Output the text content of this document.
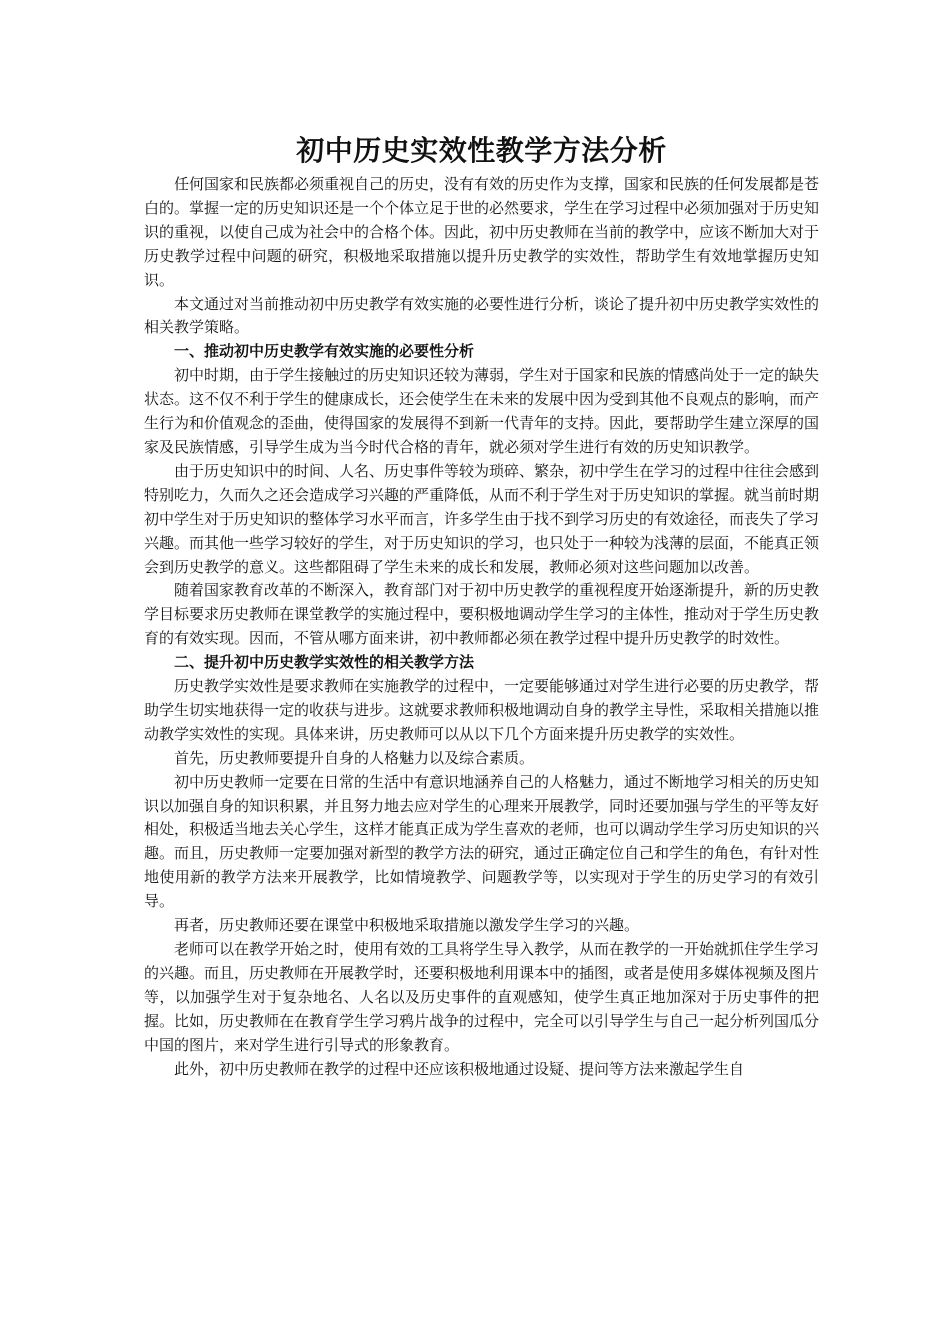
初中历史实效性教学方法分析

任何国家和民族都必须重视自己的历史，没有有效的历史作为支撑，国家和民族的任何发展都是苍白的。掌握一定的历史知识还是一个个体立足于世的必然要求，学生在学习过程中必须加强对于历史知识的重视，以使自己成为社会中的合格个体。因此，初中历史教师在当前的教学中，应该不断加大对于历史教学过程中问题的研究，积极地采取措施以提升历史教学的实效性，帮助学生有效地掌握历史知识。

本文通过对当前推动初中历史教学有效实施的必要性进行分析，谈论了提升初中历史教学实效性的相关教学策略。

一、推动初中历史教学有效实施的必要性分析

初中时期，由于学生接触过的历史知识还较为薄弱，学生对于国家和民族的情感尚处于一定的缺失状态。这不仅不利于学生的健康成长，还会使学生在未来的发展中因为受到其他不良观点的影响，而产生行为和价值观念的歪曲，使得国家的发展得不到新一代青年的支持。因此，要帮助学生建立深厚的国家及民族情感，引导学生成为当今时代合格的青年，就必须对学生进行有效的历史知识教学。

由于历史知识中的时间、人名、历史事件等较为琐碎、繁杂，初中学生在学习的过程中往往会感到特别吃力，久而久之还会造成学习兴趣的严重降低，从而不利于学生对于历史知识的掌握。就当前时期初中学生对于历史知识的整体学习水平而言，许多学生由于找不到学习历史的有效途径，而丧失了学习兴趣。而其他一些学习较好的学生，对于历史知识的学习，也只处于一种较为浅薄的层面，不能真正领会到历史教学的意义。这些都阻碍了学生未来的成长和发展，教师必须对这些问题加以改善。

随着国家教育改革的不断深入，教育部门对于初中历史教学的重视程度开始逐渐提升，新的历史教学目标要求历史教师在课堂教学的实施过程中，要积极地调动学生学习的主体性，推动对于学生历史教育的有效实现。因而，不管从哪方面来讲，初中教师都必须在教学过程中提升历史教学的时效性。

二、提升初中历史教学实效性的相关教学方法

历史教学实效性是要求教师在实施教学的过程中，一定要能够通过对学生进行必要的历史教学，帮助学生切实地获得一定的收获与进步。这就要求教师积极地调动自身的教学主导性，采取相关措施以推动教学实效性的实现。具体来讲，历史教师可以从以下几个方面来提升历史教学的实效性。

首先，历史教师要提升自身的人格魅力以及综合素质。

初中历史教师一定要在日常的生活中有意识地涵养自己的人格魅力，通过不断地学习相关的历史知识以加强自身的知识积累，并且努力地去应对学生的心理来开展教学，同时还要加强与学生的平等友好相处，积极适当地去关心学生，这样才能真正成为学生喜欢的老师，也可以调动学生学习历史知识的兴趣。而且，历史教师一定要加强对新型的教学方法的研究，通过正确定位自己和学生的角色，有针对性地使用新的教学方法来开展教学，比如情境教学、问题教学等，以实现对于学生的历史学习的有效引导。

再者，历史教师还要在课堂中积极地采取措施以激发学生学习的兴趣。

老师可以在教学开始之时，使用有效的工具将学生导入教学，从而在教学的一开始就抓住学生学习的兴趣。而且，历史教师在开展教学时，还要积极地利用课本中的插图，或者是使用多媒体视频及图片等，以加强学生对于复杂地名、人名以及历史事件的直观感知，使学生真正地加深对于历史事件的把握。比如，历史教师在在教育学生学习鸦片战争的过程中，完全可以引导学生与自己一起分析列国瓜分中国的图片，来对学生进行引导式的形象教育。

此外，初中历史教师在教学的过程中还应该积极地通过设疑、提问等方法来激起学生自
